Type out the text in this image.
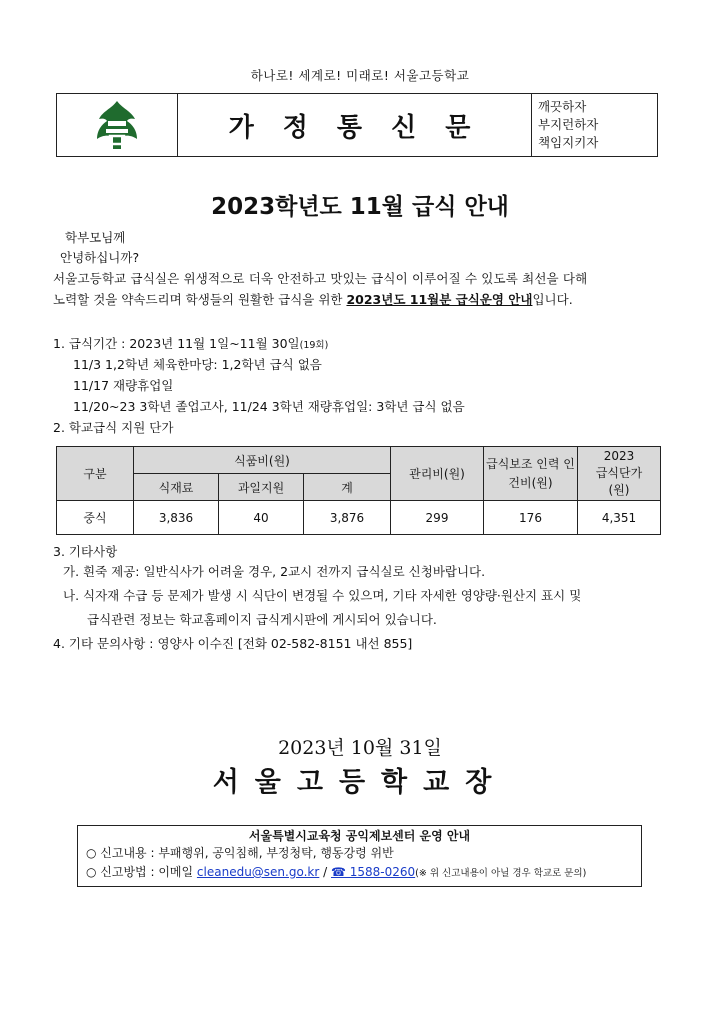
하나로! 세계로! 미래로! 서울고등학교
가 정 통 신 문
깨끗하자
부지런하자
책임지키자
2023학년도 11월 급식 안내
학부모님께
안녕하십니까?
서울고등학교 급식실은 위생적으로 더욱 안전하고 맛있는 급식이 이루어질 수 있도록 최선을 다해
노력할 것을 약속드리며 학생들의 원활한 급식을 위한 2023년도 11월분 급식운영 안내입니다.
1. 급식기간 : 2023년 11월 1일~11월 30일(19회)
11/3 1,2학년 체육한마당: 1,2학년 급식 없음
11/17 재량휴업일
11/20~23 3학년 졸업고사, 11/24 3학년 재량휴업일: 3학년 급식 없음
2. 학교급식 지원 단가
구분	식품비(원)			관리비(원)	급식보조 인력 인건비(원)	2023
급식단가
(원)

	식재료	과일지원	계			
중식	3,836	40	3,876	299	176	4,351
3. 기타사항
가. 흰죽 제공: 일반식사가 어려울 경우, 2교시 전까지 급식실로 신청바랍니다.
나. 식자재 수급 등 문제가 발생 시 식단이 변경될 수 있으며, 기타 자세한 영양량·원산지 표시 및
급식관련 정보는 학교홈페이지 급식게시판에 게시되어 있습니다.
4. 기타 문의사항 : 영양사 이수진 [전화 02-582-8151 내선 855]
2023년 10월 31일
서울고등학교장
서울특별시교육청 공익제보센터 운영 안내
○ 신고내용 : 부패행위, 공익침해, 부정청탁, 행동강령 위반
○ 신고방법 : 이메일 cleanedu@sen.go.kr / ☎ 1588-0260(※ 위 신고내용이 아닐 경우 학교로 문의)
